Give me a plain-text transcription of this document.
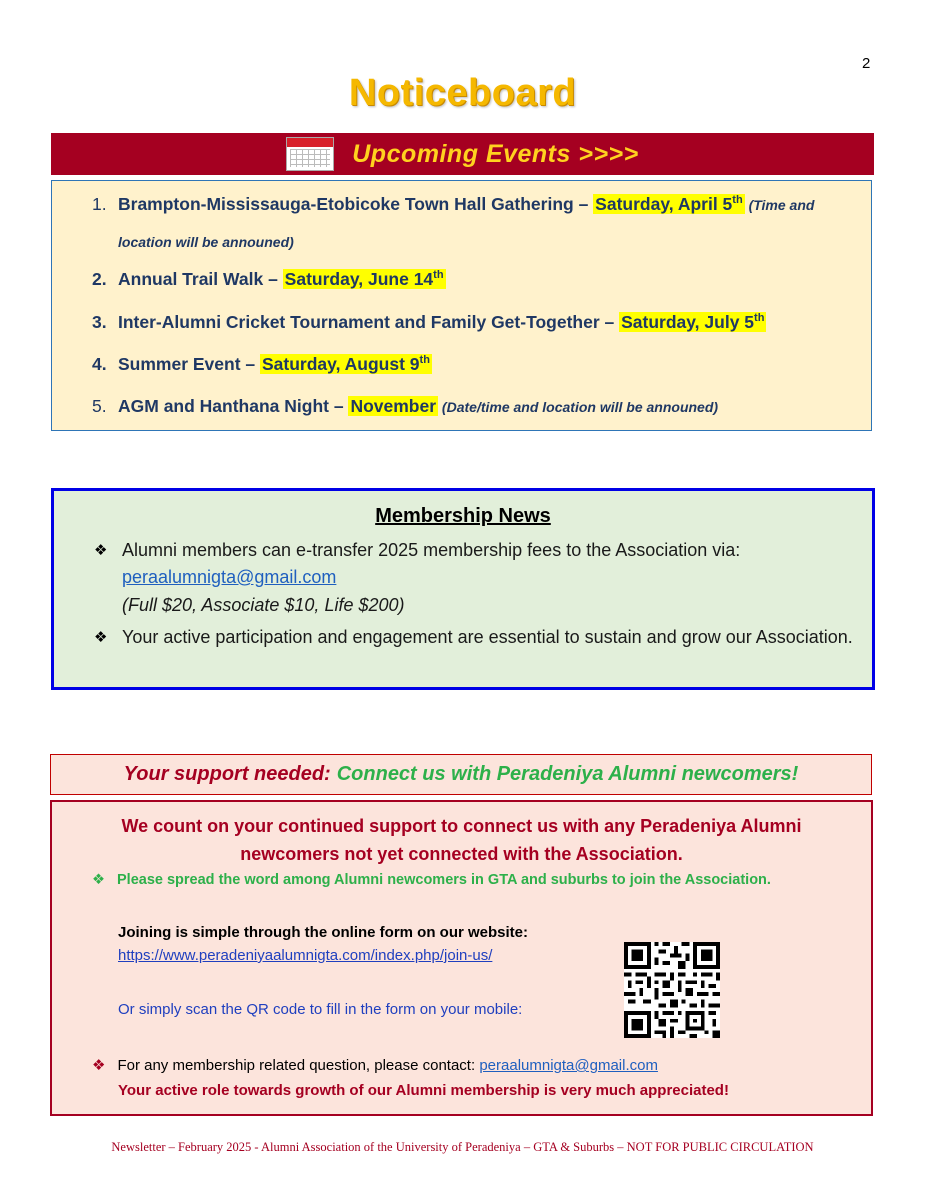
2
Noticeboard
Upcoming Events >>>>
1. Brampton-Mississauga-Etobicoke Town Hall Gathering – Saturday, April 5th (Time and
location will be announed)
2. Annual Trail Walk – Saturday, June 14th
3. Inter-Alumni Cricket Tournament and Family Get-Together – Saturday, July 5th
4. Summer Event – Saturday, August 9th
5. AGM and Hanthana Night – November (Date/time and location will be announed)
Membership News
❖ Alumni members can e-transfer 2025 membership fees to the Association via:
peraalumnigta@gmail.com
(Full $20, Associate $10, Life $200)
❖ Your active participation and engagement are essential to sustain and grow our Association.
Your support needed: Connect us with Peradeniya Alumni newcomers!
We count on your continued support to connect us with any Peradeniya Alumni
newcomers not yet connected with the Association.
❖ Please spread the word among Alumni newcomers in GTA and suburbs to join the Association.
Joining is simple through the online form on our website:
https://www.peradeniyaalumnigta.com/index.php/join-us/
Or simply scan the QR code to fill in the form on your mobile:
❖ For any membership related question, please contact: peraalumnigta@gmail.com
Your active role towards growth of our Alumni membership is very much appreciated!
Newsletter – February 2025 - Alumni Association of the University of Peradeniya – GTA & Suburbs – NOT FOR PUBLIC CIRCULATION
